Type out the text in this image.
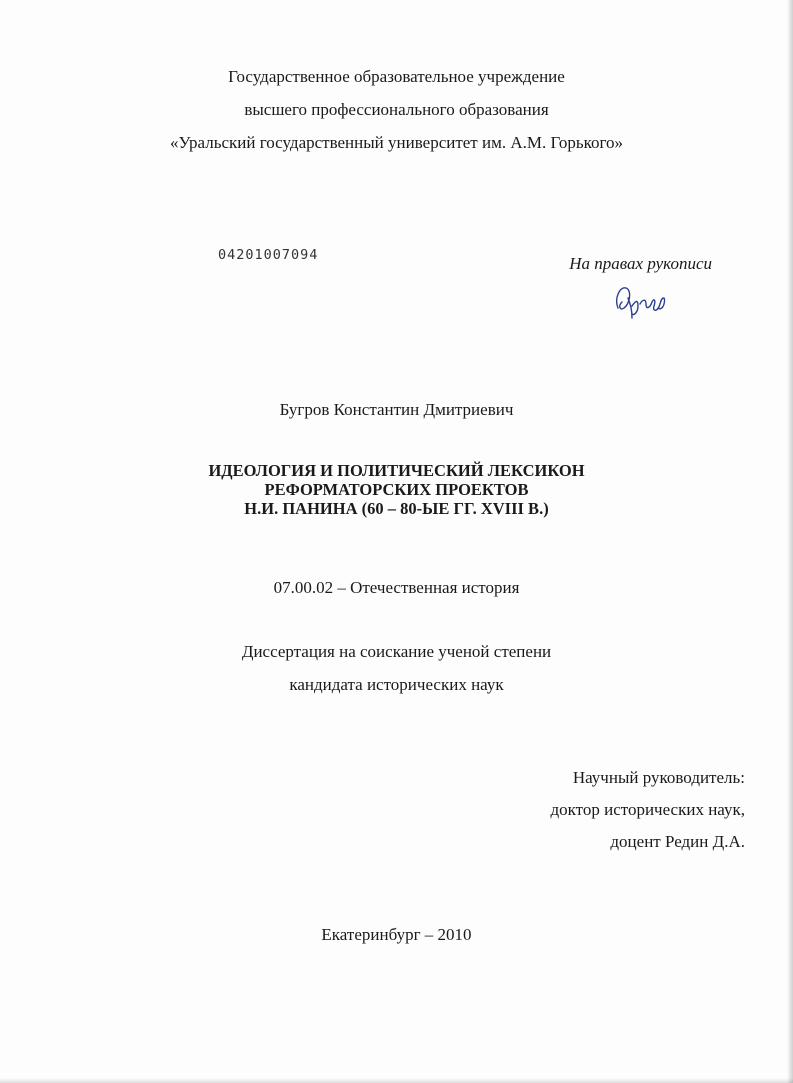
Государственное образовательное учреждение
высшего профессионального образования
«Уральский государственный университет им. А.М. Горького»
04201007094	На правах рукописи
Бугров Константин Дмитриевич
ИДЕОЛОГИЯ И ПОЛИТИЧЕСКИЙ ЛЕКСИКОН
РЕФОРМАТОРСКИХ ПРОЕКТОВ
Н.И. ПАНИНА (60 – 80-ЫЕ ГГ. XVIII В.)
07.00.02 – Отечественная история
Диссертация на соискание ученой степени
кандидата исторических наук
Научный руководитель:
доктор исторических наук,
доцент Редин Д.А.
Екатеринбург – 2010
